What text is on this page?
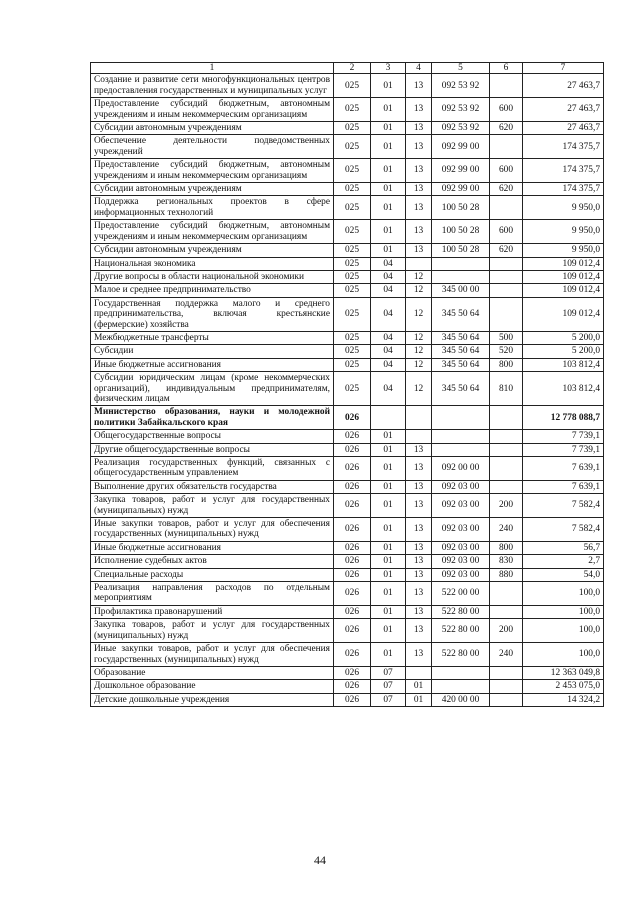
1	2	3	4	5	6	7
Создание и развитие сети многофункциональных центров предоставления государственных и муниципальных услуг	025	01	13	092 53 92		27 463,7
Предоставление субсидий бюджетным, автономным учреждениям и иным некоммерческим организациям	025	01	13	092 53 92	600	27 463,7
Субсидии автономным учреждениям	025	01	13	092 53 92	620	27 463,7
Обеспечение деятельности подведомственных учреждений	025	01	13	092 99 00		174 375,7
Предоставление субсидий бюджетным, автономным учреждениям и иным некоммерческим организациям	025	01	13	092 99 00	600	174 375,7
Субсидии автономным учреждениям	025	01	13	092 99 00	620	174 375,7
Поддержка региональных проектов в сфере информационных технологий	025	01	13	100 50 28		9 950,0
Предоставление субсидий бюджетным, автономным учреждениям и иным некоммерческим организациям	025	01	13	100 50 28	600	9 950,0
Субсидии автономным учреждениям	025	01	13	100 50 28	620	9 950,0
Национальная экономика	025	04				109 012,4
Другие вопросы в области национальной экономики	025	04	12			109 012,4
Малое и среднее предпринимательство	025	04	12	345 00 00		109 012,4
Государственная поддержка малого и среднего предпринимательства, включая крестьянские (фермерские) хозяйства	025	04	12	345 50 64		109 012,4
Межбюджетные трансферты	025	04	12	345 50 64	500	5 200,0
Субсидии	025	04	12	345 50 64	520	5 200,0
Иные бюджетные ассигнования	025	04	12	345 50 64	800	103 812,4
Субсидии юридическим лицам (кроме некоммерческих организаций), индивидуальным предпринимателям, физическим лицам	025	04	12	345 50 64	810	103 812,4
Министерство образования, науки и молодежной политики Забайкальского края	026					12 778 088,7
Общегосударственные вопросы	026	01				7 739,1
Другие общегосударственные вопросы	026	01	13			7 739,1
Реализация государственных функций, связанных с общегосударственным управлением	026	01	13	092 00 00		7 639,1
Выполнение других обязательств государства	026	01	13	092 03 00		7 639,1
Закупка товаров, работ и услуг для государственных (муниципальных) нужд	026	01	13	092 03 00	200	7 582,4
Иные закупки товаров, работ и услуг для обеспечения государственных (муниципальных) нужд	026	01	13	092 03 00	240	7 582,4
Иные бюджетные ассигнования	026	01	13	092 03 00	800	56,7
Исполнение судебных актов	026	01	13	092 03 00	830	2,7
Специальные расходы	026	01	13	092 03 00	880	54,0
Реализация направления расходов по отдельным мероприятиям	026	01	13	522 00 00		100,0
Профилактика правонарушений	026	01	13	522 80 00		100,0
Закупка товаров, работ и услуг для государственных (муниципальных) нужд	026	01	13	522 80 00	200	100,0
Иные закупки товаров, работ и услуг для обеспечения государственных (муниципальных) нужд	026	01	13	522 80 00	240	100,0
Образование	026	07				12 363 049,8
Дошкольное образование	026	07	01			2 453 075,0
Детские дошкольные учреждения	026	07	01	420 00 00		14 324,2
44
